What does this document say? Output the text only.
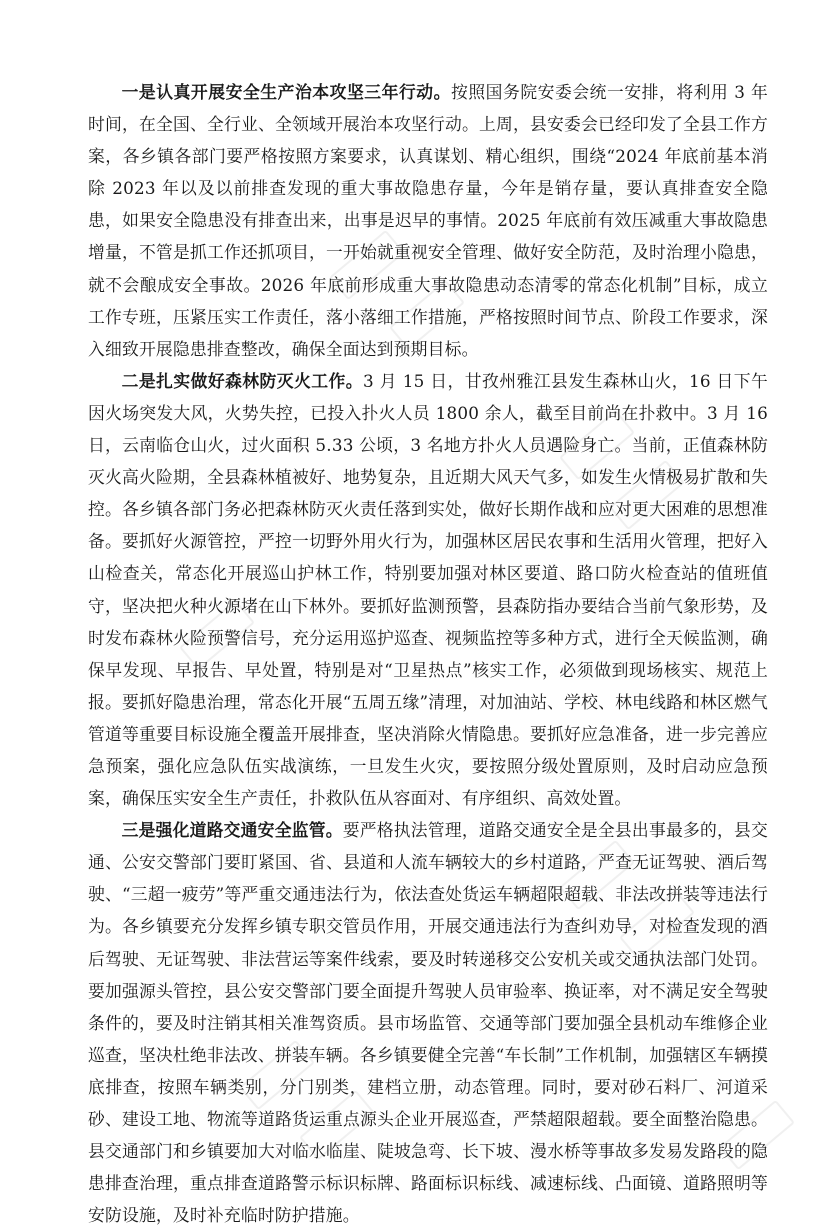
一是认真开展安全生产治本攻坚三年行动。按照国务院安委会统一安排，将利用 3 年时间，在全国、全行业、全领域开展治本攻坚行动。上周，县安委会已经印发了全县工作方案，各乡镇各部门要严格按照方案要求，认真谋划、精心组织，围绕“2024 年底前基本消除 2023 年以及以前排查发现的重大事故隐患存量，今年是销存量，要认真排查安全隐患，如果安全隐患没有排查出来，出事是迟早的事情。2025 年底前有效压减重大事故隐患增量，不管是抓工作还抓项目，一开始就重视安全管理、做好安全防范，及时治理小隐患，就不会酿成安全事故。2026 年底前形成重大事故隐患动态清零的常态化机制”目标，成立工作专班，压紧压实工作责任，落小落细工作措施，严格按照时间节点、阶段工作要求，深入细致开展隐患排查整改，确保全面达到预期目标。

二是扎实做好森林防灭火工作。3 月 15 日，甘孜州雅江县发生森林山火，16 日下午因火场突发大风，火势失控，已投入扑火人员 1800 余人，截至目前尚在扑救中。3 月 16 日，云南临仓山火，过火面积 5.33 公顷，3 名地方扑火人员遇险身亡。当前，正值森林防灭火高火险期，全县森林植被好、地势复杂，且近期大风天气多，如发生火情极易扩散和失控。各乡镇各部门务必把森林防灭火责任落到实处，做好长期作战和应对更大困难的思想准备。要抓好火源管控，严控一切野外用火行为，加强林区居民农事和生活用火管理，把好入山检查关，常态化开展巡山护林工作，特别要加强对林区要道、路口防火检查站的值班值守，坚决把火种火源堵在山下林外。要抓好监测预警，县森防指办要结合当前气象形势，及时发布森林火险预警信号，充分运用巡护巡查、视频监控等多种方式，进行全天候监测，确保早发现、早报告、早处置，特别是对“卫星热点”核实工作，必须做到现场核实、规范上报。要抓好隐患治理，常态化开展“五周五缘”清理，对加油站、学校、林电线路和林区燃气管道等重要目标设施全覆盖开展排查，坚决消除火情隐患。要抓好应急准备，进一步完善应急预案，强化应急队伍实战演练，一旦发生火灾，要按照分级处置原则，及时启动应急预案，确保压实安全生产责任，扑救队伍从容面对、有序组织、高效处置。

三是强化道路交通安全监管。要严格执法管理，道路交通安全是全县出事最多的，县交通、公安交警部门要盯紧国、省、县道和人流车辆较大的乡村道路，严查无证驾驶、酒后驾驶、“三超一疲劳”等严重交通违法行为，依法查处货运车辆超限超载、非法改拼装等违法行为。各乡镇要充分发挥乡镇专职交管员作用，开展交通违法行为查纠劝导，对检查发现的酒后驾驶、无证驾驶、非法营运等案件线索，要及时转递移交公安机关或交通执法部门处罚。要加强源头管控，县公安交警部门要全面提升驾驶人员审验率、换证率，对不满足安全驾驶条件的，要及时注销其相关准驾资质。县市场监管、交通等部门要加强全县机动车维修企业巡查，坚决杜绝非法改、拼装车辆。各乡镇要健全完善“车长制”工作机制，加强辖区车辆摸底排查，按照车辆类别，分门别类，建档立册，动态管理。同时，要对砂石料厂、河道采砂、建设工地、物流等道路货运重点源头企业开展巡查，严禁超限超载。要全面整治隐患。县交通部门和乡镇要加大对临水临崖、陡坡急弯、长下坡、漫水桥等事故多发易发路段的隐患排查治理，重点排查道路警示标识标牌、路面标识标线、减速标线、凸面镜、道路照明等安防设施，及时补充临时防护措施。
